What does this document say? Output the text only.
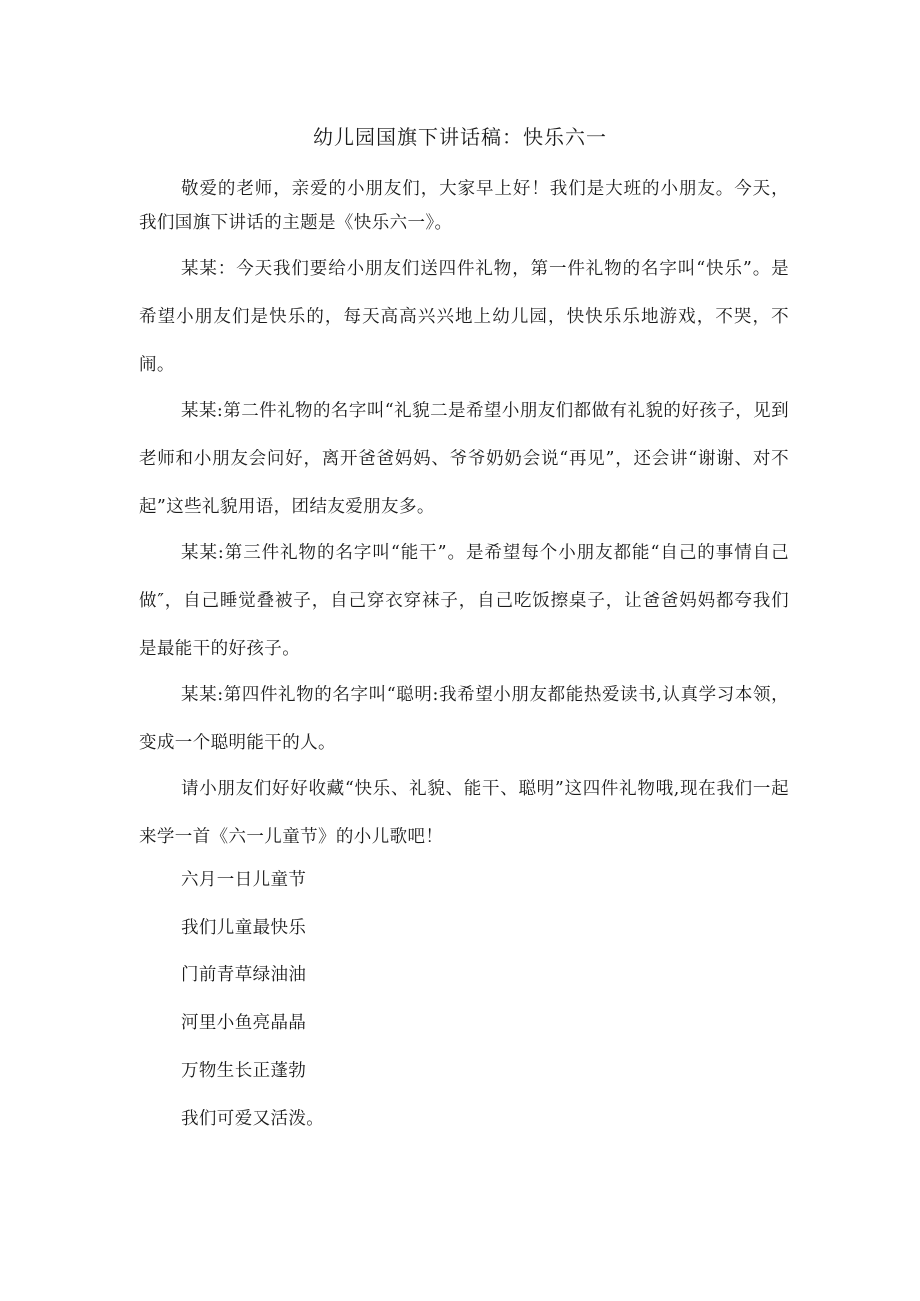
幼儿园国旗下讲话稿：快乐六一

敬爱的老师，亲爱的小朋友们，大家早上好！我们是大班的小朋友。今天，我们国旗下讲话的主题是《快乐六一》。

某某：今天我们要给小朋友们送四件礼物，第一件礼物的名字叫“快乐”。是希望小朋友们是快乐的，每天高高兴兴地上幼儿园，快快乐乐地游戏，不哭，不闹。

某某:第二件礼物的名字叫“礼貌二是希望小朋友们都做有礼貌的好孩子，见到老师和小朋友会问好，离开爸爸妈妈、爷爷奶奶会说“再见”，还会讲“谢谢、对不起”这些礼貌用语，团结友爱朋友多。

某某:第三件礼物的名字叫“能干”。是希望每个小朋友都能“自己的事情自己做″，自己睡觉叠被子，自己穿衣穿袜子，自己吃饭擦桌子，让爸爸妈妈都夸我们是最能干的好孩子。

某某:第四件礼物的名字叫“聪明:我希望小朋友都能热爱读书,认真学习本领，变成一个聪明能干的人。

请小朋友们好好收藏“快乐、礼貌、能干、聪明”这四件礼物哦,现在我们一起来学一首《六一儿童节》的小儿歌吧！

六月一日儿童节

我们儿童最快乐

门前青草绿油油

河里小鱼亮晶晶

万物生长正蓬勃

我们可爱又活泼。
